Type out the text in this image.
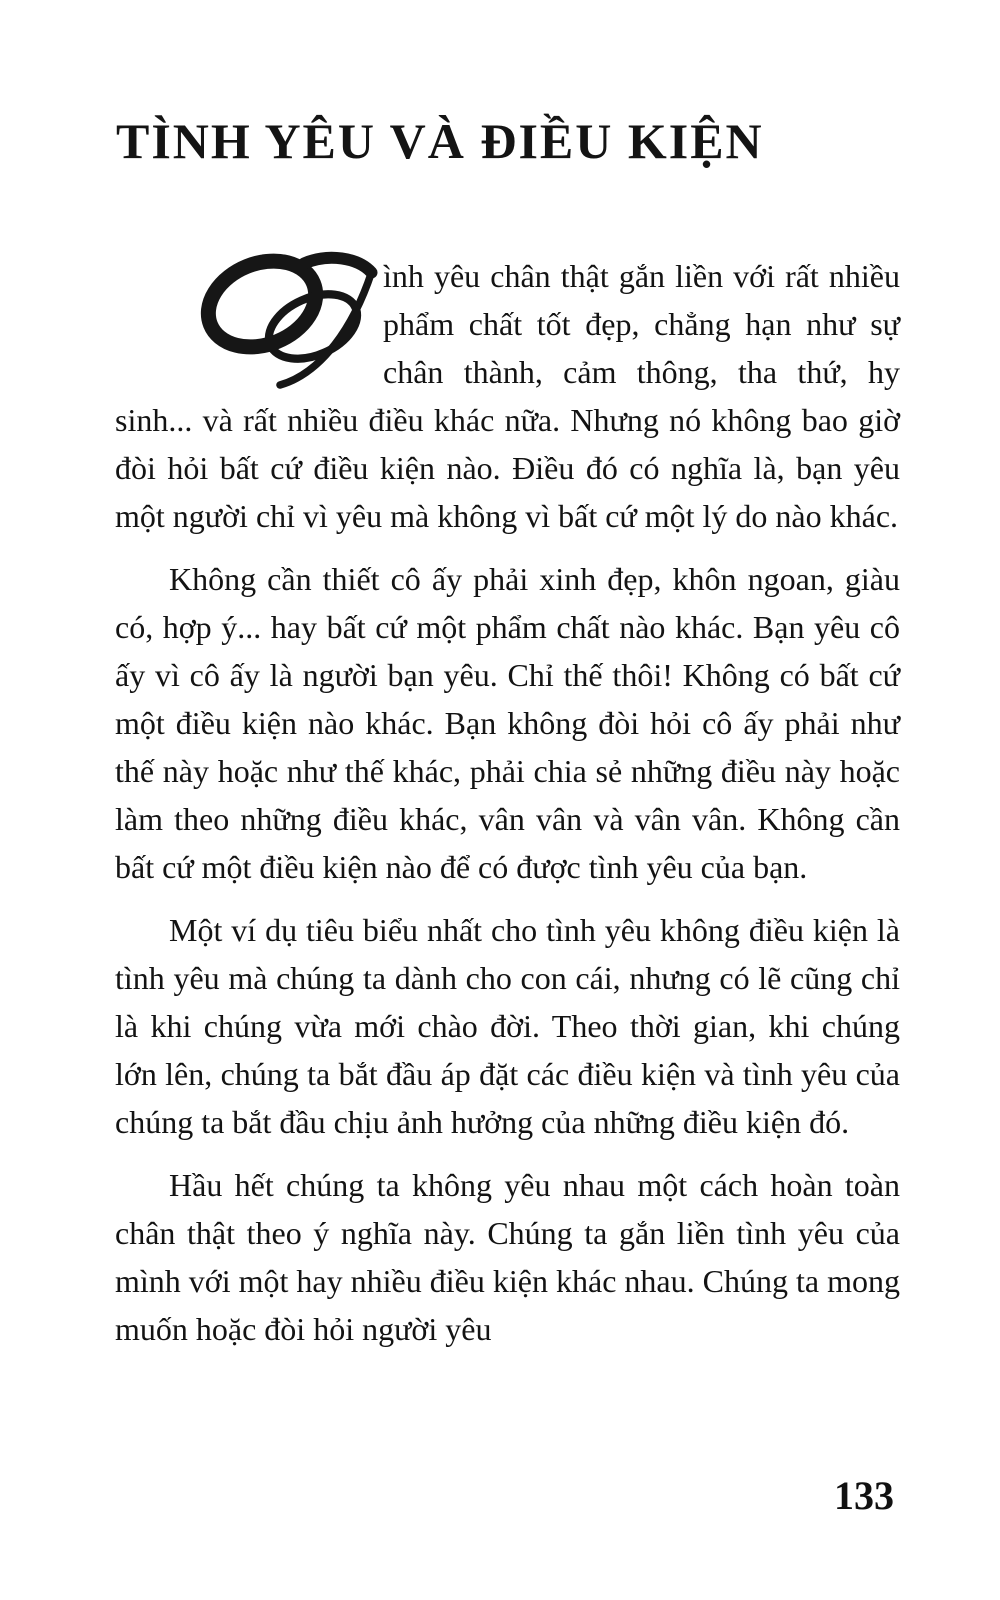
TÌNH YÊU VÀ ĐIỀU KIỆN

ình yêu chân thật gắn liền với rất nhiều phẩm chất tốt đẹp, chẳng hạn như sự chân thành, cảm thông, tha thứ, hy sinh... và rất nhiều điều khác nữa. Nhưng nó không bao giờ đòi hỏi bất cứ điều kiện nào. Điều đó có nghĩa là, bạn yêu một người chỉ vì yêu mà không vì bất cứ một lý do nào khác.

Không cần thiết cô ấy phải xinh đẹp, khôn ngoan, giàu có, hợp ý... hay bất cứ một phẩm chất nào khác. Bạn yêu cô ấy vì cô ấy là người bạn yêu. Chỉ thế thôi! Không có bất cứ một điều kiện nào khác. Bạn không đòi hỏi cô ấy phải như thế này hoặc như thế khác, phải chia sẻ những điều này hoặc làm theo những điều khác, vân vân và vân vân. Không cần bất cứ một điều kiện nào để có được tình yêu của bạn.

Một ví dụ tiêu biểu nhất cho tình yêu không điều kiện là tình yêu mà chúng ta dành cho con cái, nhưng có lẽ cũng chỉ là khi chúng vừa mới chào đời. Theo thời gian, khi chúng lớn lên, chúng ta bắt đầu áp đặt các điều kiện và tình yêu của chúng ta bắt đầu chịu ảnh hưởng của những điều kiện đó.

Hầu hết chúng ta không yêu nhau một cách hoàn toàn chân thật theo ý nghĩa này. Chúng ta gắn liền tình yêu của mình với một hay nhiều điều kiện khác nhau. Chúng ta mong muốn hoặc đòi hỏi người yêu

133
